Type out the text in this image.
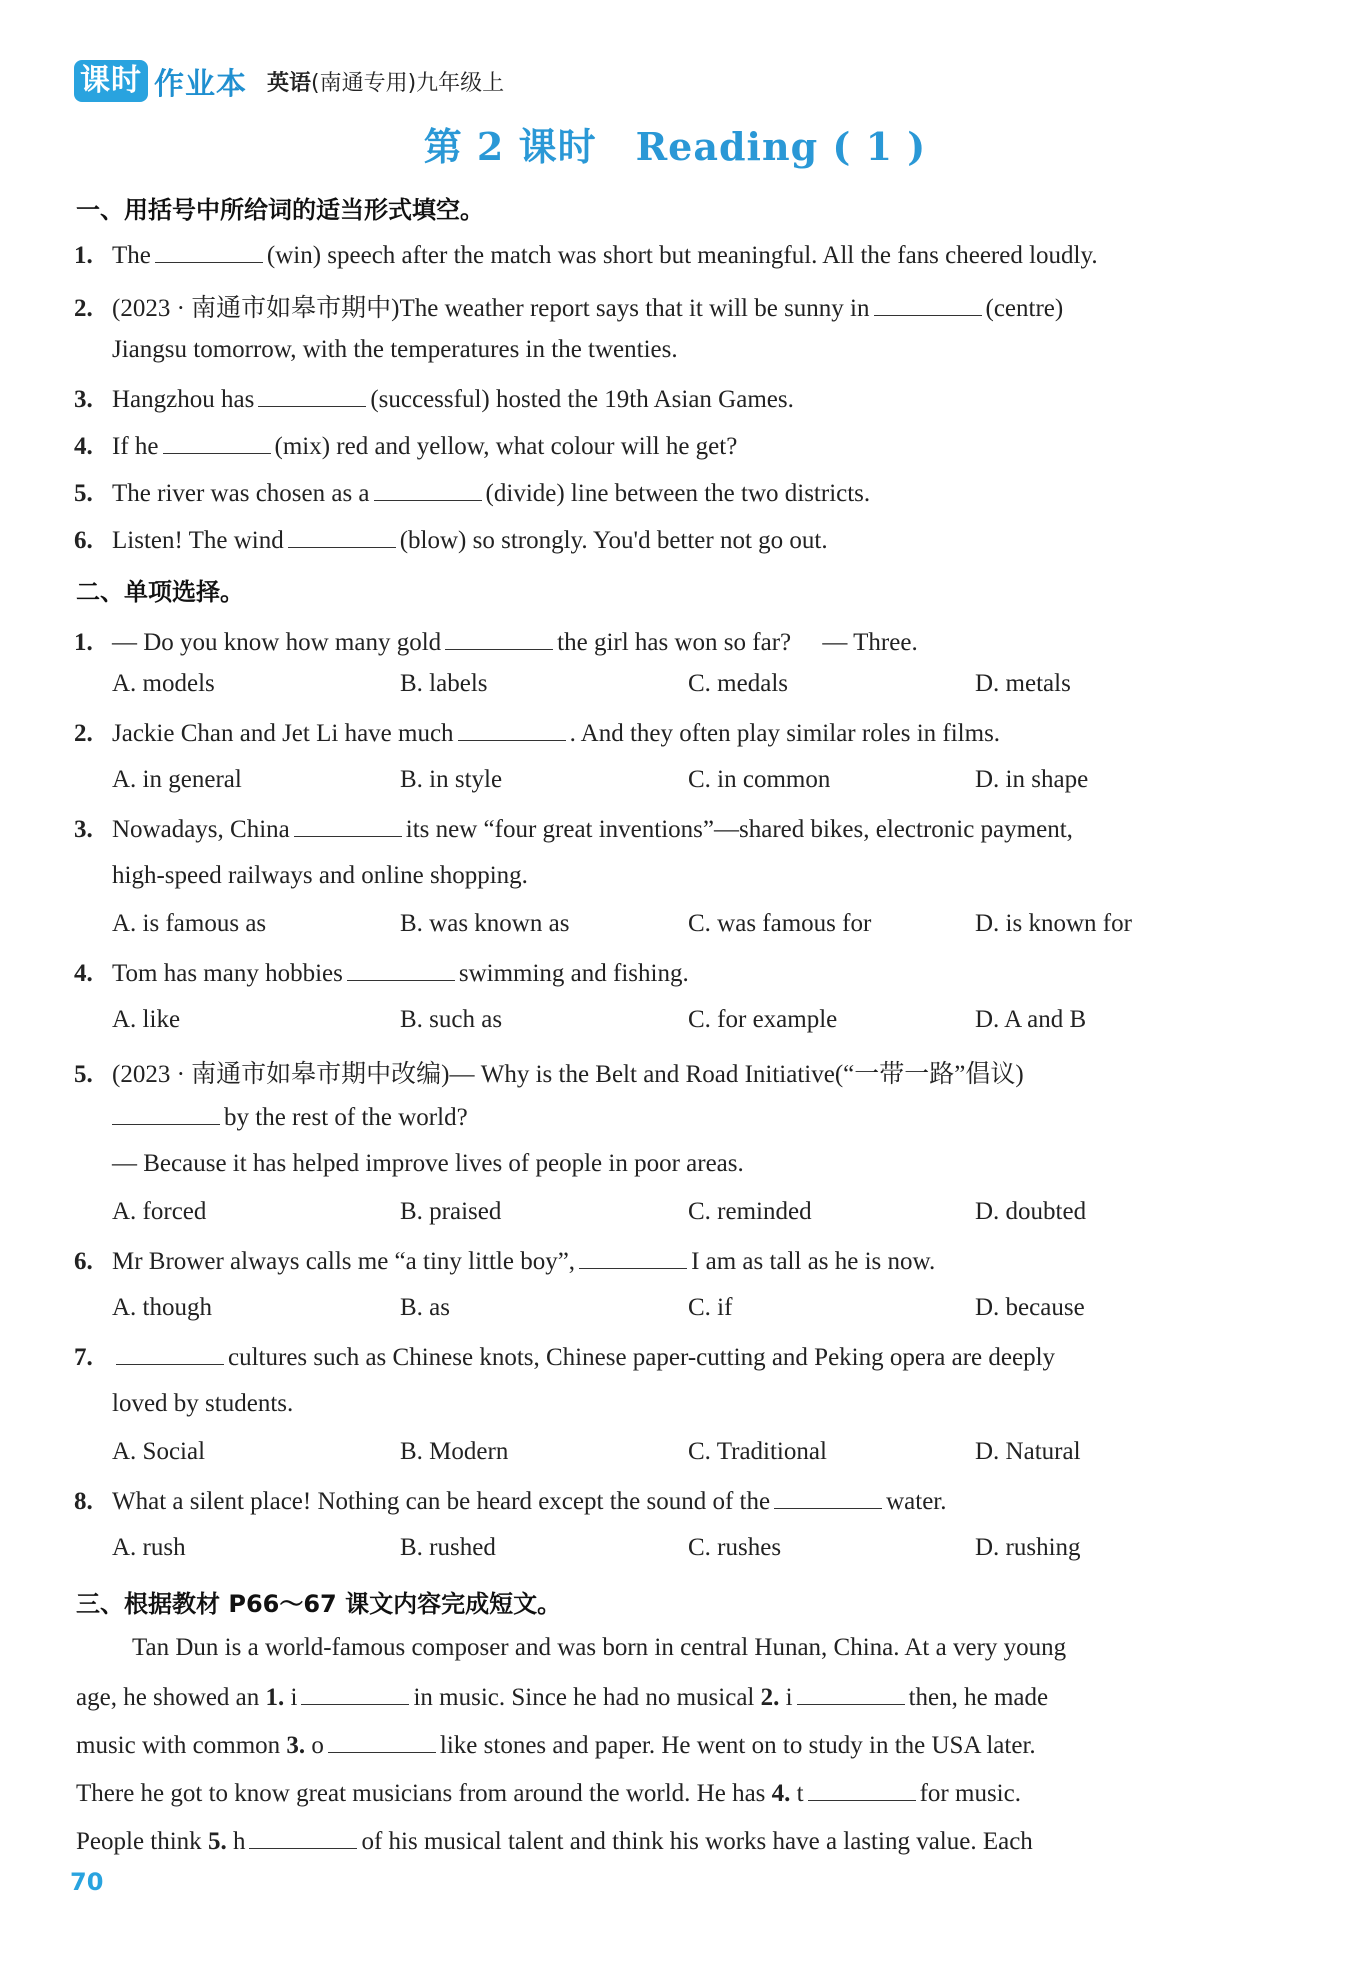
课时 作业本 英语(南通专用)九年级上
第 2 课时　Reading ( 1 )
一、用括号中所给词的适当形式填空。
1. The	(win) speech after the match was short but meaningful. All the fans cheered loudly.
2. (2023 · 南通市如皋市期中)The weather report says that it will be sunny in	(centre)
Jiangsu tomorrow, with the temperatures in the twenties.
3. Hangzhou has	(successful) hosted the 19th Asian Games.
4. If he	(mix) red and yellow, what colour will he get?
5. The river was chosen as a	(divide) line between the two districts.
6. Listen! The wind	(blow) so strongly. You'd better not go out.
二、单项选择。
1. — Do you know how many gold	the girl has won so far?　 — Three.
A. models	B. labels	C. medals	D. metals
2. Jackie Chan and Jet Li have much	. And they often play similar roles in films.
A. in general	B. in style	C. in common	D. in shape
3. Nowadays, China	its new “four great inventions”—shared bikes, electronic payment,
high-speed railways and online shopping.
A. is famous as	B. was known as	C. was famous for	D. is known for
4. Tom has many hobbies	swimming and fishing.
A. like	B. such as	C. for example	D. A and B
5. (2023 · 南通市如皋市期中改编)— Why is the Belt and Road Initiative(“一带一路”倡议)
by the rest of the world?
— Because it has helped improve lives of people in poor areas.
A. forced	B. praised	C. reminded	D. doubted
6. Mr Brower always calls me “a tiny little boy”,	I am as tall as he is now.
A. though	B. as	C. if	D. because
7.	cultures such as Chinese knots, Chinese paper-cutting and Peking opera are deeply
loved by students.
A. Social	B. Modern	C. Traditional	D. Natural
8. What a silent place! Nothing can be heard except the sound of the	water.
A. rush	B. rushed	C. rushes	D. rushing
三、根据教材 P66～67 课文内容完成短文。
Tan Dun is a world-famous composer and was born in central Hunan, China. At a very young
age, he showed an 1. i	in music. Since he had no musical 2. i	then, he made
music with common 3. o	like stones and paper. He went on to study in the USA later.
There he got to know great musicians from around the world. He has 4. t	for music.
People think 5. h	of his musical talent and think his works have a lasting value. Each
70
